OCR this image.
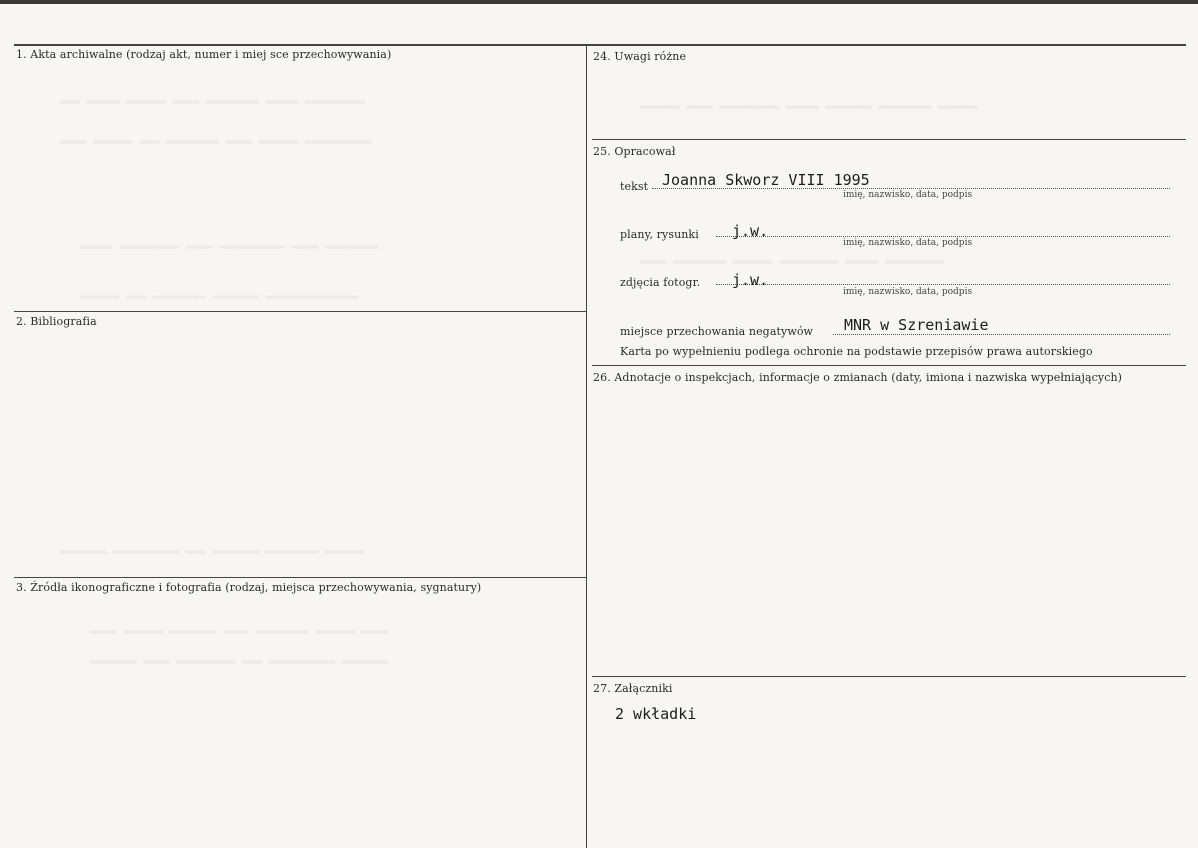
1. Akta archiwalne (rodzaj akt, numer i miej sce przechowywania)
2. Bibliografia
3. Źródła ikonograficzne i fotografia (rodzaj, miejsca przechowywania, sygnatury)
24. Uwagi różne
25. Opracował
tekst Joanna Skworz VIII 1995
imię, nazwisko, data, podpis
plany, rysunki j.w.
imię, nazwisko, data, podpis
zdjęcia fotogr. j.w.
imię, nazwisko, data, podpis
miejsce przechowania negatywów MNR w Szreniawie
Karta po wypełnieniu podlega ochronie na podstawie przepisów prawa autorskiego
26. Adnotacje o inspekcjach, informacje o zmianach (daty, imiona i nazwiska wypełniających)
27. Załączniki
2 wkładki
